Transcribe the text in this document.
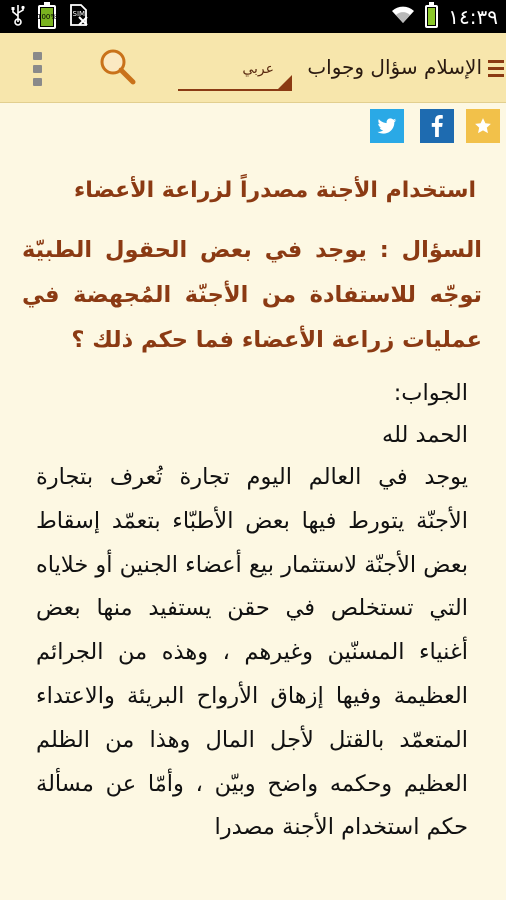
100% SIM	١٤:٣٩
عربي الإسلام سؤال وجواب
استخدام الأجنة مصدراً لزراعة الأعضاء
السؤال : يوجد في بعض الحقول الطبيّة توجّه للاستفادة من الأجنّة المُجهضة في عمليات زراعة الأعضاء فما حكم ذلك ؟
الجواب:
الحمد لله
يوجد في العالم اليوم تجارة تُعرف بتجارة الأجنّة يتورط فيها بعض الأطبّاء بتعمّد إسقاط بعض الأجنّة لاستثمار بيع أعضاء الجنين أو خلاياه التي تستخلص في حقن يستفيد منها بعض أغنياء المسنّين وغيرهم ، وهذه من الجرائم العظيمة وفيها إزهاق الأرواح البريئة والاعتداء المتعمّد بالقتل لأجل المال وهذا من الظلم العظيم وحكمه واضح وبيّن ، وأمّا عن مسألة حكم استخدام الأجنة مصدرا
